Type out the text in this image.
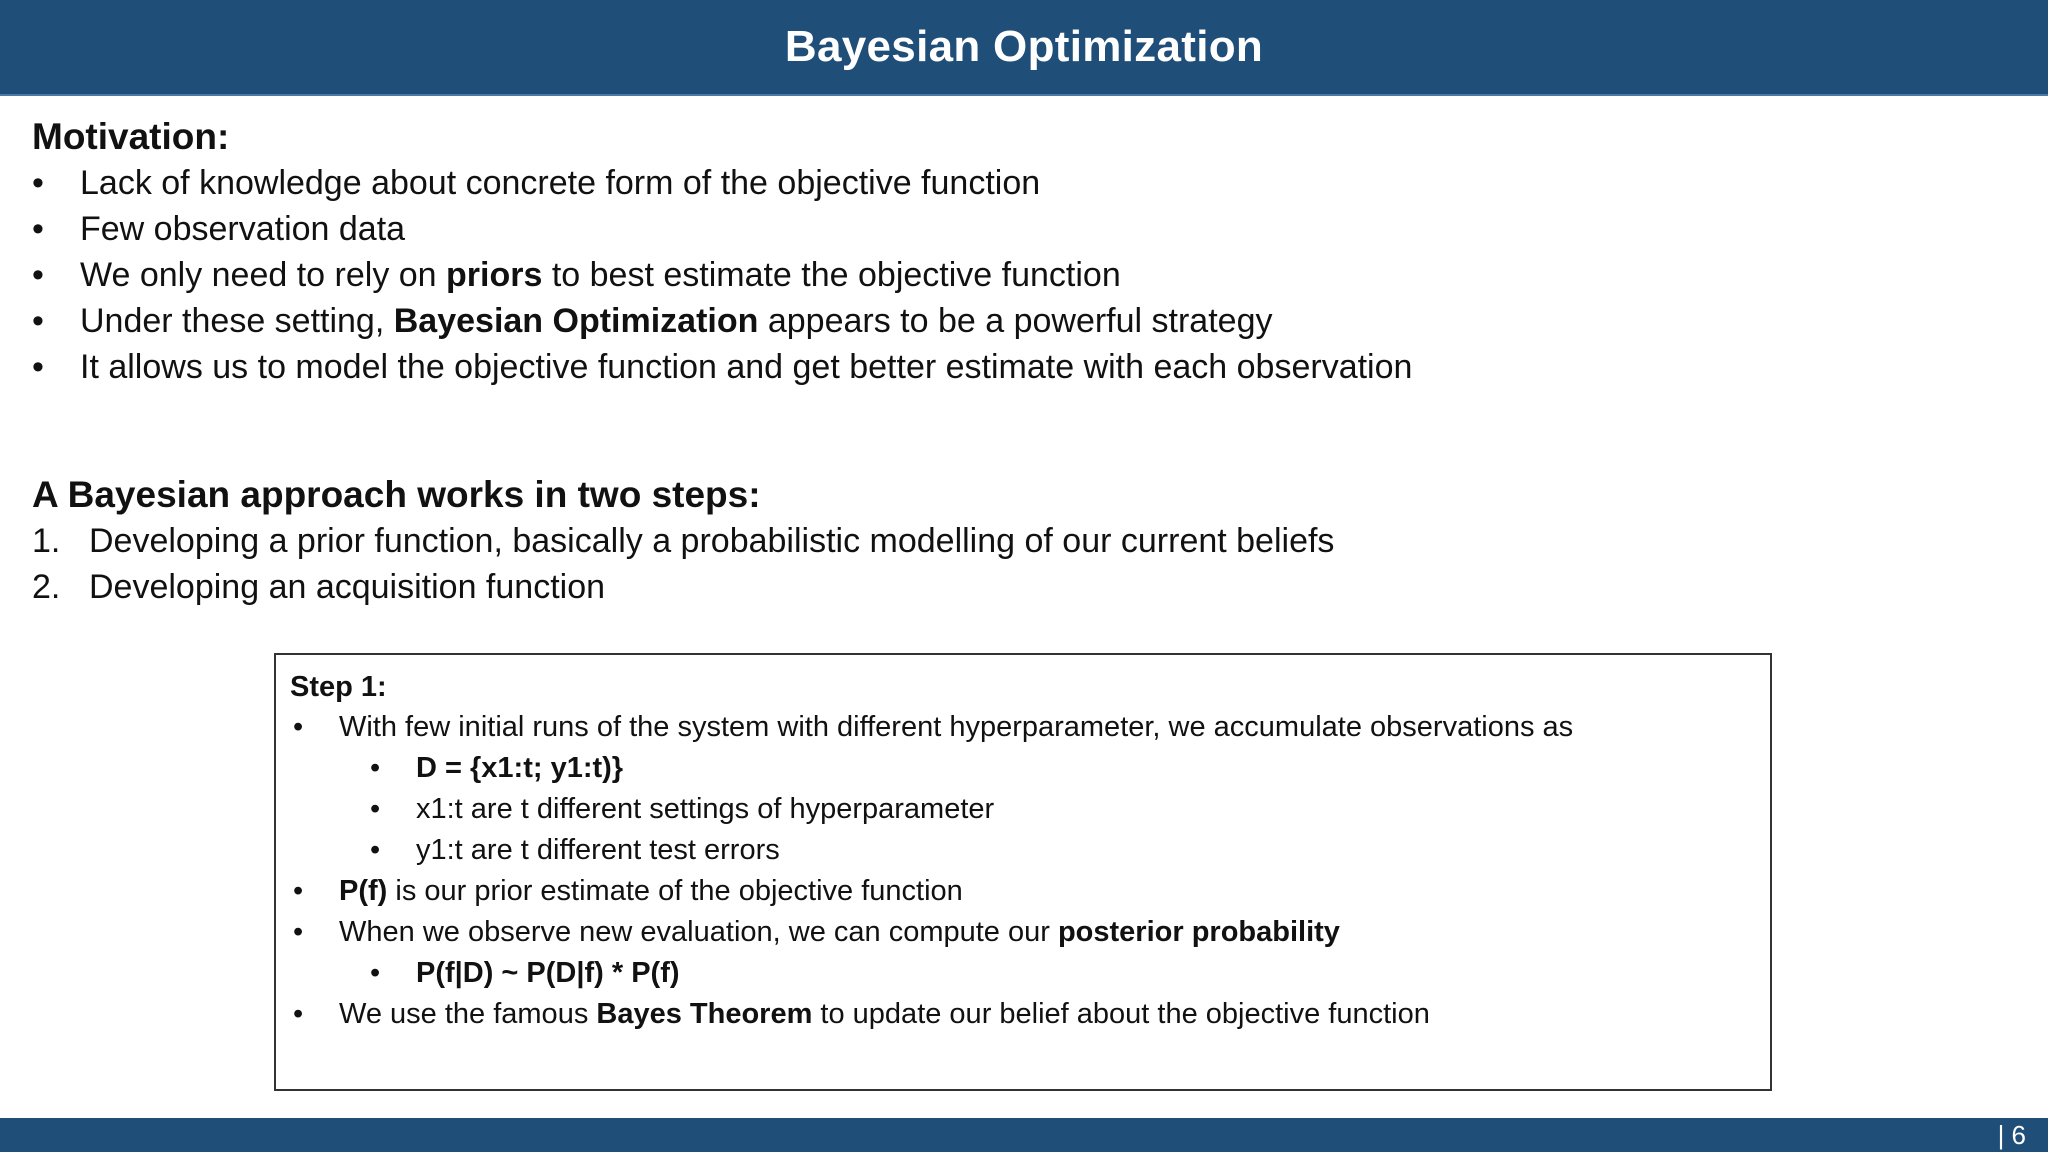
Bayesian Optimization

Motivation:

• Lack of knowledge about concrete form of the objective function
• Few observation data
• We only need to rely on priors to best estimate the objective function
• Under these setting, Bayesian Optimization appears to be a powerful strategy
• It allows us to model the objective function and get better estimate with each observation

A Bayesian approach works in two steps:

1. Developing a prior function, basically a probabilistic modelling of our current beliefs
2. Developing an acquisition function
Step 1:
• With few initial runs of the system with different hyperparameter, we accumulate observations as
• D = {x1:t; y1:t)}
• x1:t are t different settings of hyperparameter
• y1:t are t different test errors
• P(f) is our prior estimate of the objective function
• When we observe new evaluation, we can compute our posterior probability
• P(f|D) ~ P(D|f) * P(f)
• We use the famous Bayes Theorem to update our belief about the objective function
| 6
